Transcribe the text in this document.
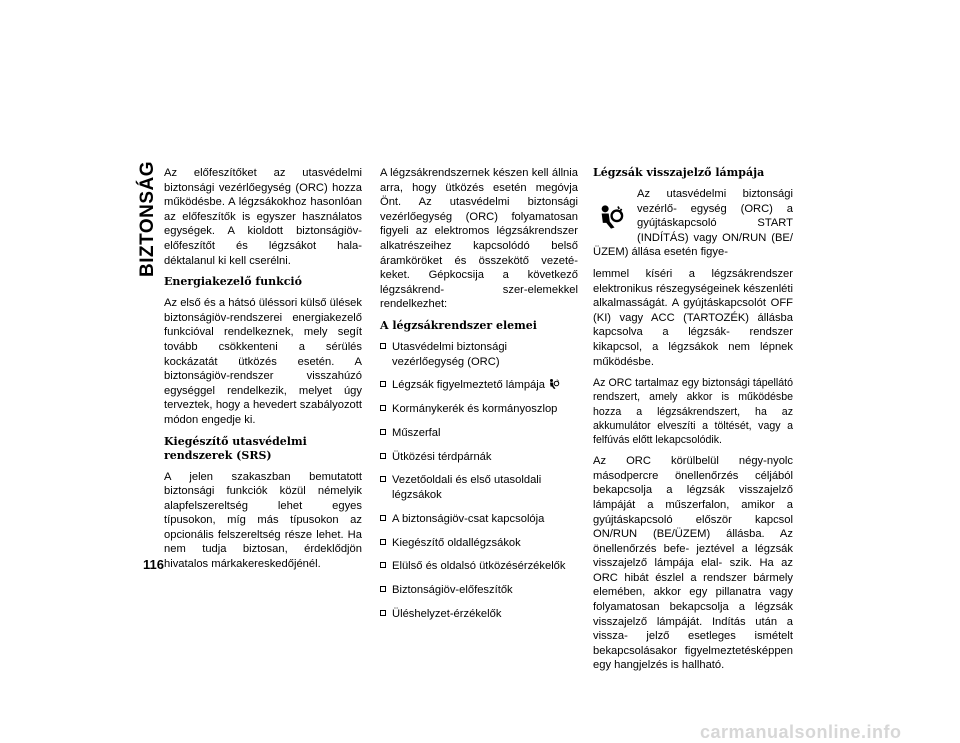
BIZTONSÁG
116

Az előfeszítőket az utasvédelmi biztonsági vezérlőegység (ORC) hozza működésbe. A légzsákokhoz hasonlóan az előfeszítők is egyszer használatos egységek. A kioldott biztonságiöv-előfeszítőt és légzsákot hala- déktalanul ki kell cserélni.

Energiakezelő funkció

Az első és a hátsó üléssori külső ülések biztonságiöv-rendszerei energiakezelő funkcióval rendelkeznek, mely segít tovább csökkenteni a sérülés kockázatát ütközés esetén. A biztonságiöv-rendszer visszahúzó egységgel rendelkezik, melyet úgy terveztek, hogy a hevedert szabályozott módon engedje ki.

Kiegészítő utasvédelmi rendszerek (SRS)

A jelen szakaszban bemutatott biztonsági funkciók közül némelyik alapfelszereltség lehet egyes típusokon, míg más típusokon az opcionális felszereltség része lehet. Ha nem tudja biztosan, érdeklődjön hivatalos márkakereskedőjénél.

A légzsákrendszernek készen kell állnia arra, hogy ütközés esetén megóvja Önt. Az utasvédelmi biztonsági vezérlőegység (ORC) folyamatosan figyeli az elektromos légzsákrendszer alkatrészeihez kapcsolódó belső áramköröket és összekötő vezeté- keket. Gépkocsija a következő légzsákrend- szer-elemekkel rendelkezhet:

A légzsákrendszer elemei
Utasvédelmi biztonsági vezérlőegység (ORC)
Légzsák figyelmeztető lámpája
Kormánykerék és kormányoszlop
Műszerfal
Ütközési térdpárnák
Vezetőoldali és első utasoldali légzsákok
A biztonságiöv-csat kapcsolója
Kiegészítő oldallégzsákok
Elülső és oldalsó ütközésérzékelők
Biztonságiöv-előfeszítők
Üléshelyzet-érzékelők
Légzsák visszajelző lámpája

Az utasvédelmi biztonsági vezérlő- egység (ORC) a gyújtáskapcsoló START (INDÍTÁS) vagy ON/RUN (BE/ÜZEM) állása esetén figye-

lemmel kíséri a légzsákrendszer elektronikus részegységeinek készenléti alkalmasságát. A gyújtáskapcsolót OFF (KI) vagy ACC (TARTOZÉK) állásba kapcsolva a légzsák- rendszer kikapcsol, a légzsákok nem lépnek működésbe.

Az ORC tartalmaz egy biztonsági tápellátó rendszert, amely akkor is működésbe hozza a légzsákrendszert, ha az akkumulátor elveszíti a töltését, vagy a felfúvás előtt lekapcsolódik.

Az ORC körülbelül négy-nyolc másodpercre önellenőrzés céljából bekapcsolja a légzsák visszajelző lámpáját a műszerfalon, amikor a gyújtáskapcsoló először kapcsol ON/RUN (BE/ÜZEM) állásba. Az önellenőrzés befe- jeztével a légzsák visszajelző lámpája elal- szik. Ha az ORC hibát észlel a rendszer bármely elemében, akkor egy pillanatra vagy folyamatosan bekapcsolja a légzsák visszajelző lámpáját. Indítás után a vissza- jelző esetleges ismételt bekapcsolásakor figyelmeztetésképpen egy hangjelzés is hallható.

carmanualsonline.info
